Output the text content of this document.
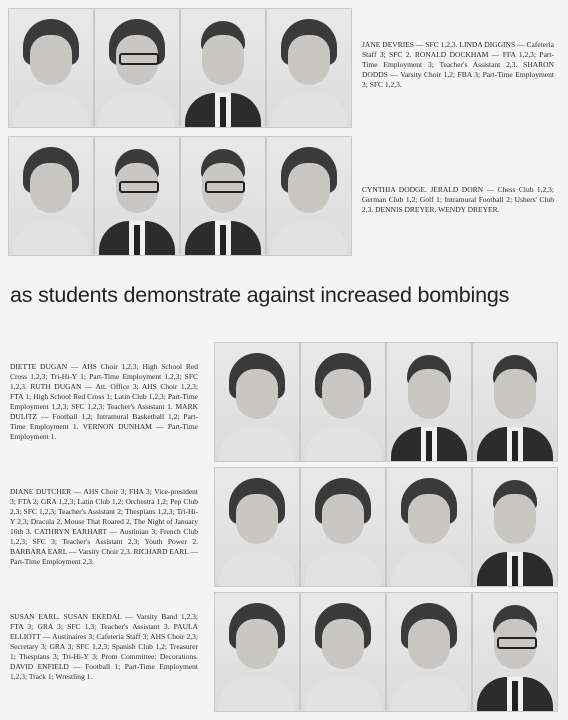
JANE DEVRIES — SFC 1,2,3. LINDA DIGGINS — Cafeteria Staff 3; SFC 2. RONALD DOCKHAM — FFA 1,2,3; Part-Time Employment 3; Teacher's Assistant 2,3. SHARON DODDS — Varsity Choir 1,2; FBA 3; Part-Time Employment 3; SFC 1,2,3.
CYNTHIA DODGE. JERALD DORN — Chess Club 1,2,3; German Club 1,2; Golf 1; Intramural Football 2; Ushers' Club 2,3. DENNIS DREYER. WENDY DREYER.
as students demonstrate against increased bombings
DIETTE DUGAN — AHS Choir 1,2,3; High School Red Cross 1,2,3; Tri-Hi-Y 1; Part-Time Employment 1,2,3; SFC 1,2,3. RUTH DUGAN — Att. Office 3; AHS Choir 1,2,3; FTA 1; High School Red Cross 1; Latin Club 1,2,3; Part-Time Employment 1,2,3; SFC 1,2,3; Teacher's Assistant 1. MARK DULITZ — Football 1,2; Intramural Basketball 1,2; Part-Time Employment 1. VERNON DUNHAM — Part-Time Employment 1.
DIANE DUTCHER — AHS Choir 3; FHA 3; Vice-president 3; FTA 2; GRA 1,2,3; Latin Club 1,2; Orchestra 1,2; Pep Club 2,3; SFC 1,2,3; Teacher's Assistant 2; Thespians 1,2,3; Tri-Hi-Y 2,3; Dracula 2, Mouse That Roared 2, The Night of January 16th 3. CATHRYN EARHART — Austinian 3; French Club 1,2,3; SFC 3; Teacher's Assistant 2,3; Youth Power 2. BARBARA EARL — Varsity Choir 2,3. RICHARD EARL — Part-Time Employment 2,3.
SUSAN EARL. SUSAN EKEDAL — Varsity Band 1,2,3; FTA 3; GRA 3; SFC 1,3; Teacher's Assistant 3. PAULA ELLIOTT — Austinaires 3; Cafeteria Staff 3; AHS Choir 2,3; Secretary 3; GRA 3; SFC 1,2,3; Spanish Club 1,2; Treasurer 1; Thespians 3; Tri-Hi-Y 3; Prom Committee: Decorations. DAVID ENFIELD — Football 1; Part-Time Employment 1,2,3; Track 1; Wrestling 1.
